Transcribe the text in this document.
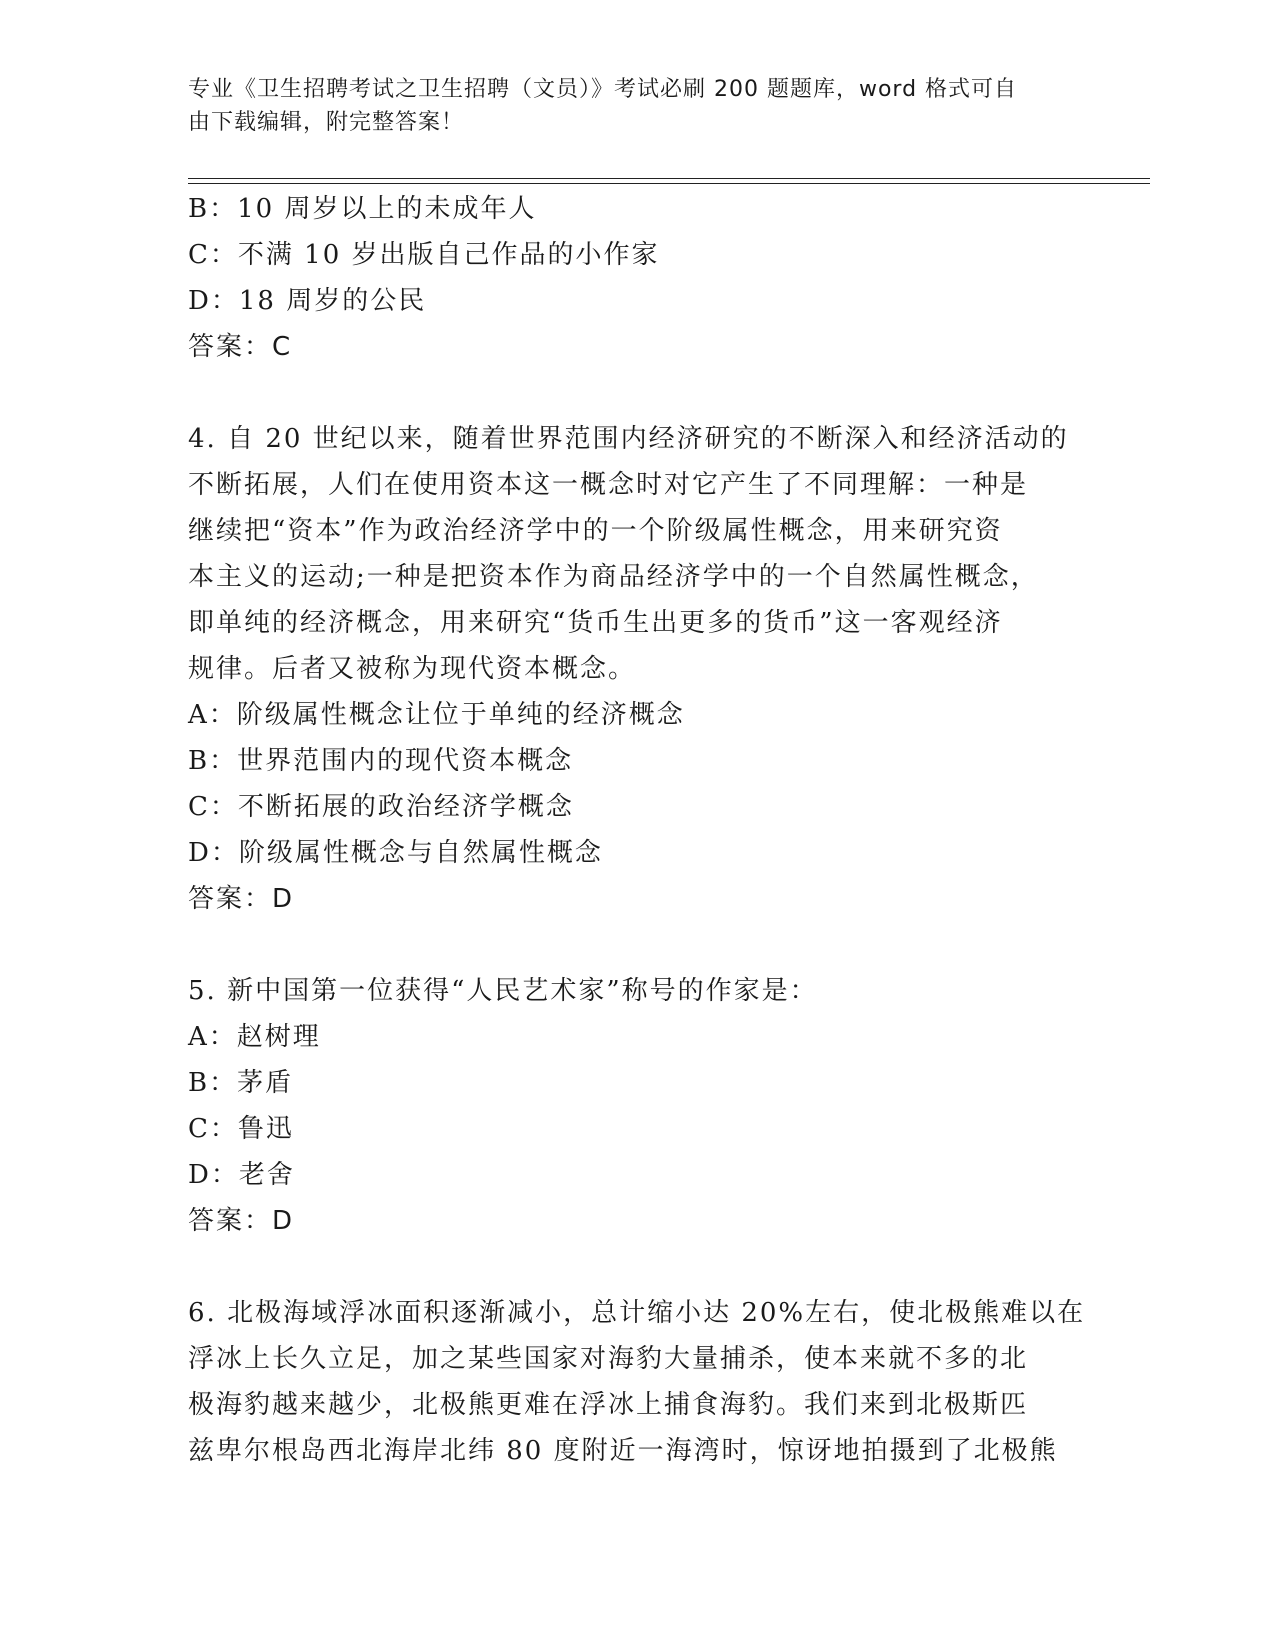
专业《卫生招聘考试之卫生招聘（文员）》考试必刷 200 题题库，word 格式可自
由下载编辑，附完整答案！
B：10 周岁以上的未成年人
C：不满 10 岁出版自己作品的小作家
D：18 周岁的公民
答案：C
4. 自 20 世纪以来，随着世界范围内经济研究的不断深入和经济活动的
不断拓展，人们在使用资本这一概念时对它产生了不同理解：一种是
继续把“资本”作为政治经济学中的一个阶级属性概念，用来研究资
本主义的运动;一种是把资本作为商品经济学中的一个自然属性概念，
即单纯的经济概念，用来研究“货币生出更多的货币”这一客观经济
规律。后者又被称为现代资本概念。
A：阶级属性概念让位于单纯的经济概念
B：世界范围内的现代资本概念
C：不断拓展的政治经济学概念
D：阶级属性概念与自然属性概念
答案：D
5. 新中国第一位获得“人民艺术家”称号的作家是：
A：赵树理
B：茅盾
C：鲁迅
D：老舍
答案：D
6. 北极海域浮冰面积逐渐减小，总计缩小达 20%左右，使北极熊难以在
浮冰上长久立足，加之某些国家对海豹大量捕杀，使本来就不多的北
极海豹越来越少，北极熊更难在浮冰上捕食海豹。我们来到北极斯匹
兹卑尔根岛西北海岸北纬 80 度附近一海湾时，惊讶地拍摄到了北极熊
